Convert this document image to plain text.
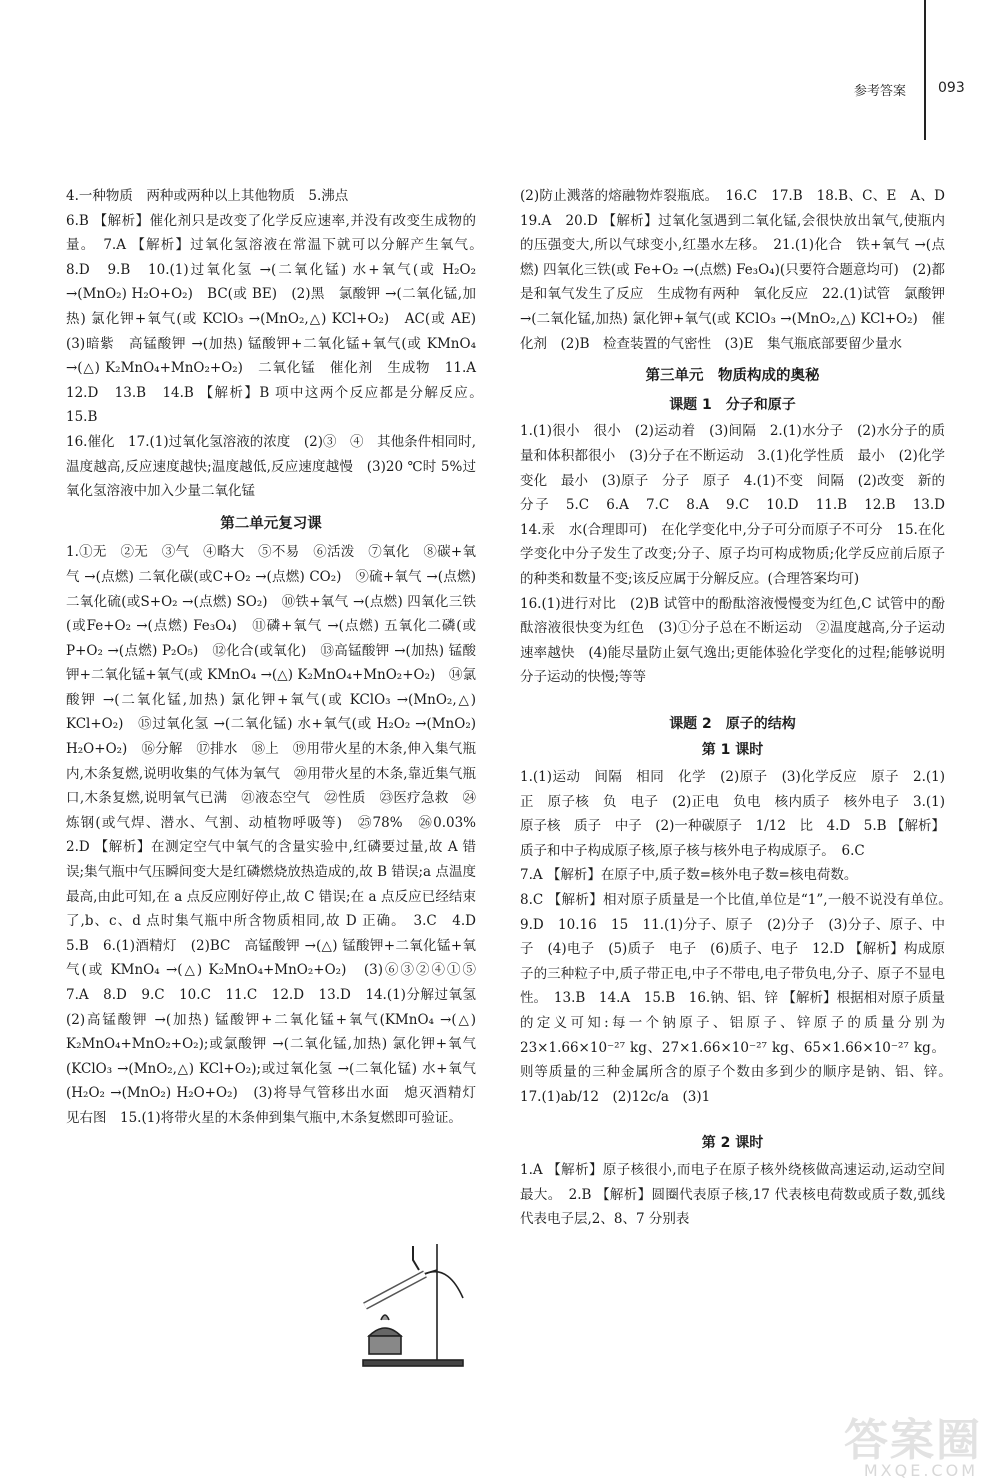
参考答案 093

4.一种物质　两种或两种以上其他物质　5.沸点

6.B 【解析】催化剂只是改变了化学反应速率,并没有改变生成物的量。　7.A 【解析】过氧化氢溶液在常温下就可以分解产生氧气。　8.D　9.B　10.(1)过氧化氢 →(二氧化锰) 水+氧气(或 H₂O₂ →(MnO₂) H₂O+O₂)　BC(或 BE)　(2)黑　氯酸钾 →(二氧化锰,加热) 氯化钾+氧气(或 KClO₃ →(MnO₂,△) KCl+O₂)　AC(或 AE)　(3)暗紫　高锰酸钾 →(加热) 锰酸钾+二氧化锰+氧气(或 KMnO₄ →(△) K₂MnO₄+MnO₂+O₂)　二氧化锰　催化剂　生成物　11.A　12.D　13.B　14.B 【解析】B 项中这两个反应都是分解反应。　15.B

16.催化　17.(1)过氧化氢溶液的浓度　(2)③　④　其他条件相同时,温度越高,反应速度越快;温度越低,反应速度越慢　(3)20 ℃时 5%过氧化氢溶液中加入少量二氧化锰

第二单元复习课

1.①无　②无　③气　④略大　⑤不易　⑥活泼　⑦氧化　⑧碳+氧气 →(点燃) 二氧化碳(或C+O₂ →(点燃) CO₂)　⑨硫+氧气 →(点燃) 二氧化硫(或S+O₂ →(点燃) SO₂)　⑩铁+氧气 →(点燃) 四氧化三铁(或Fe+O₂ →(点燃) Fe₃O₄)　⑪磷+氧气 →(点燃) 五氧化二磷(或P+O₂ →(点燃) P₂O₅)　⑫化合(或氧化)　⑬高锰酸钾 →(加热) 锰酸钾+二氧化锰+氧气(或 KMnO₄ →(△) K₂MnO₄+MnO₂+O₂)　⑭氯酸钾 →(二氧化锰,加热) 氯化钾+氧气(或 KClO₃ →(MnO₂,△) KCl+O₂)　⑮过氧化氢 →(二氧化锰) 水+氧气(或 H₂O₂ →(MnO₂) H₂O+O₂)　⑯分解　⑰排水　⑱上　⑲用带火星的木条,伸入集气瓶内,木条复燃,说明收集的气体为氧气　⑳用带火星的木条,靠近集气瓶口,木条复燃,说明氧气已满　㉑液态空气　㉒性质　㉓医疗急救　㉔炼钢(或气焊、潜水、气割、动植物呼吸等)　㉕78%　㉖0.03%　2.D 【解析】在测定空气中氧气的含量实验中,红磷要过量,故 A 错误;集气瓶中气压瞬间变大是红磷燃烧放热造成的,故 B 错误;a 点温度最高,由此可知,在 a 点反应刚好停止,故 C 错误;在 a 点反应已经结束了,b、c、d 点时集气瓶中所含物质相同,故 D 正确。　3.C　4.D　5.B　6.(1)酒精灯　(2)BC　高锰酸钾 →(△) 锰酸钾+二氧化锰+氧气(或 KMnO₄ →(△) K₂MnO₄+MnO₂+O₂)　(3)⑥③②④①⑤　7.A　8.D　9.C　10.C　11.C　12.D　13.D　14.(1)分解过氧氢　(2)高锰酸钾 →(加热) 锰酸钾+二氧化锰+氧气(KMnO₄ →(△) K₂MnO₄+MnO₂+O₂);或氯酸钾 →(二氧化锰,加热) 氯化钾+氧气(KClO₃ →(MnO₂,△) KCl+O₂);或过氧化氢 →(二氧化锰) 水+氧气(H₂O₂ →(MnO₂) H₂O+O₂)　(3)将导气管移出水面　熄灭酒精灯　见右图　15.(1)将带火星的木条伸到集气瓶中,木条复燃即可验证。

(2)防止溅落的熔融物炸裂瓶底。　16.C　17.B　18.B、C、E　A、D　19.A　20.D 【解析】过氧化氢遇到二氧化锰,会很快放出氧气,使瓶内的压强变大,所以气球变小,红墨水左移。　21.(1)化合　铁+氧气 →(点燃) 四氧化三铁(或 Fe+O₂ →(点燃) Fe₃O₄)(只要符合题意均可)　(2)都是和氧气发生了反应　生成物有两种　氧化反应　22.(1)试管　氯酸钾 →(二氧化锰,加热) 氯化钾+氧气(或 KClO₃ →(MnO₂,△) KCl+O₂)　催化剂　(2)B　检查装置的气密性　(3)E　集气瓶底部要留少量水

第三单元　物质构成的奥秘

课题 1　分子和原子

1.(1)很小　很小　(2)运动着　(3)间隔　2.(1)水分子　(2)水分子的质量和体积都很小　(3)分子在不断运动　3.(1)化学性质　最小　(2)化学变化　最小　(3)原子　分子　原子　4.(1)不变　间隔　(2)改变　新的分子　5.C　6.A　7.C　8.A　9.C　10.D　11.B　12.B　13.D　14.汞　水(合理即可)　在化学变化中,分子可分而原子不可分　15.在化学变化中分子发生了改变;分子、原子均可构成物质;化学反应前后原子的种类和数量不变;该反应属于分解反应。(合理答案均可)

16.(1)进行对比　(2)B 试管中的酚酞溶液慢慢变为红色,C 试管中的酚酞溶液很快变为红色　(3)①分子总在不断运动　②温度越高,分子运动速率越快　(4)能尽量防止氨气逸出;更能体验化学变化的过程;能够说明分子运动的快慢;等等

课题 2　原子的结构

第 1 课时

1.(1)运动　间隔　相同　化学　(2)原子　(3)化学反应　原子　2.(1)正　原子核　负　电子　(2)正电　负电　核内质子　核外电子　3.(1)原子核　质子　中子　(2)一种碳原子　1/12　比　4.D　5.B 【解析】质子和中子构成原子核,原子核与核外电子构成原子。　6.C

7.A 【解析】在原子中,质子数=核外电子数=核电荷数。

8.C 【解析】相对原子质量是一个比值,单位是“1”,一般不说没有单位。　9.D　10.16　15　11.(1)分子、原子　(2)分子　(3)分子、原子、中子　(4)电子　(5)质子　电子　(6)质子、电子　12.D 【解析】构成原子的三种粒子中,质子带正电,中子不带电,电子带负电,分子、原子不显电性。　13.B　14.A　15.B　16.钠、铝、锌 【解析】根据相对原子质量的定义可知:每一个钠原子、铝原子、锌原子的质量分别为 23×1.66×10⁻²⁷ kg、27×1.66×10⁻²⁷ kg、65×1.66×10⁻²⁷ kg。则等质量的三种金属所含的原子个数由多到少的顺序是钠、铝、锌。　17.(1)ab/12　(2)12c/a　(3)1

第 2 课时

1.A 【解析】原子核很小,而电子在原子核外绕核做高速运动,运动空间最大。　2.B 【解析】圆圈代表原子核,17 代表核电荷数或质子数,弧线代表电子层,2、8、7 分别表

答案圈
MXQE.COM
